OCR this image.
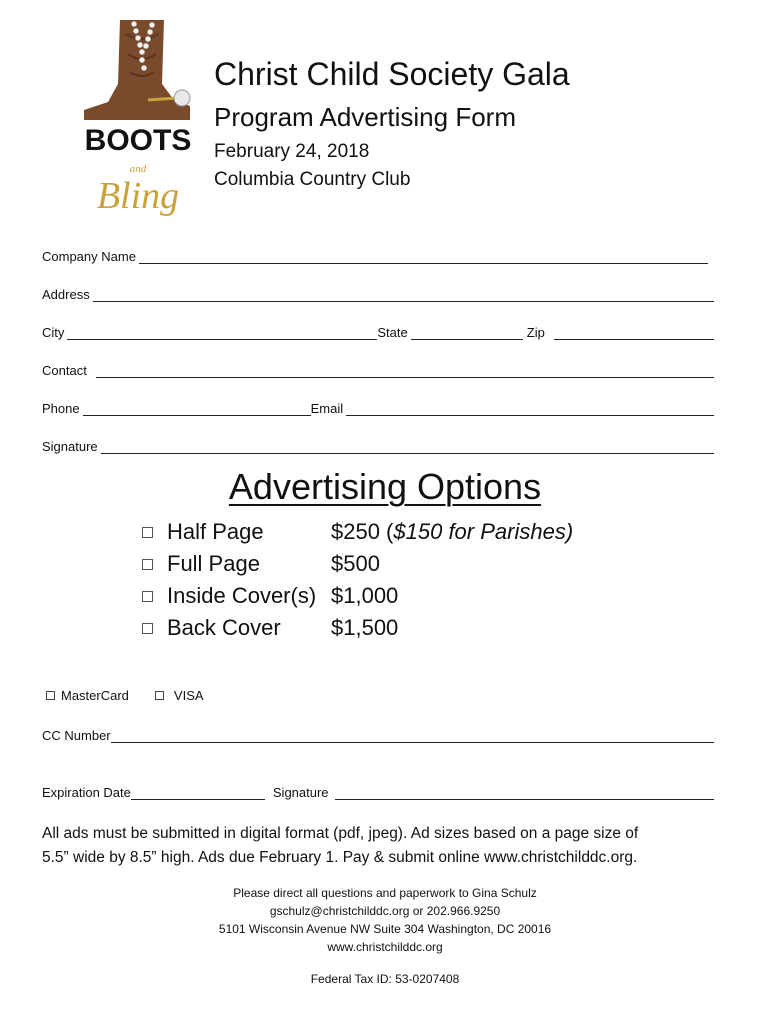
BOOTS
and
Bling
Christ Child Society Gala
Program Advertising Form
February 24, 2018
Columbia Country Club
Company Name
Address
City	State	Zip
Contact
Phone	Email
Signature
Advertising Options
Half Page	$250 ($150 for Parishes)
Full Page	$500
Inside Cover(s) $1,000
Back Cover	$1,500
MasterCard	VISA
CC Number
Expiration Date	Signature
All ads must be submitted in digital format (pdf, jpeg). Ad sizes based on a page size of
5.5” wide by 8.5” high. Ads due February 1. Pay & submit online www.christchilddc.org.
Please direct all questions and paperwork to Gina Schulz
gschulz@christchilddc.org or 202.966.9250
5101 Wisconsin Avenue NW Suite 304 Washington, DC 20016
www.christchilddc.org
Federal Tax ID: 53-0207408
